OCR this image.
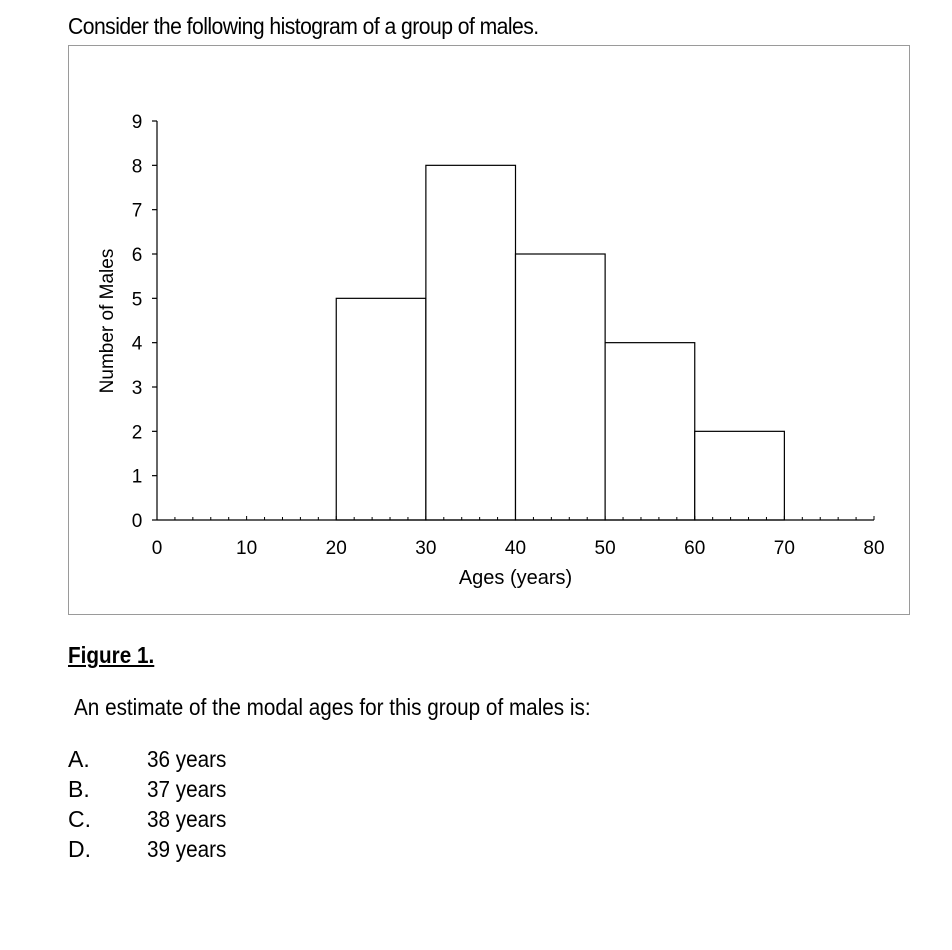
Consider the following histogram of a group of males.
0
1
2
3
4
5
6
7
8
9
0	10	20	30	40	50	60	70	80
Ages (years)
Number of Males
Figure 1.
An estimate of the modal ages for this group of males is:
A. 36 years
B. 37 years
C. 38 years
D. 39 years
